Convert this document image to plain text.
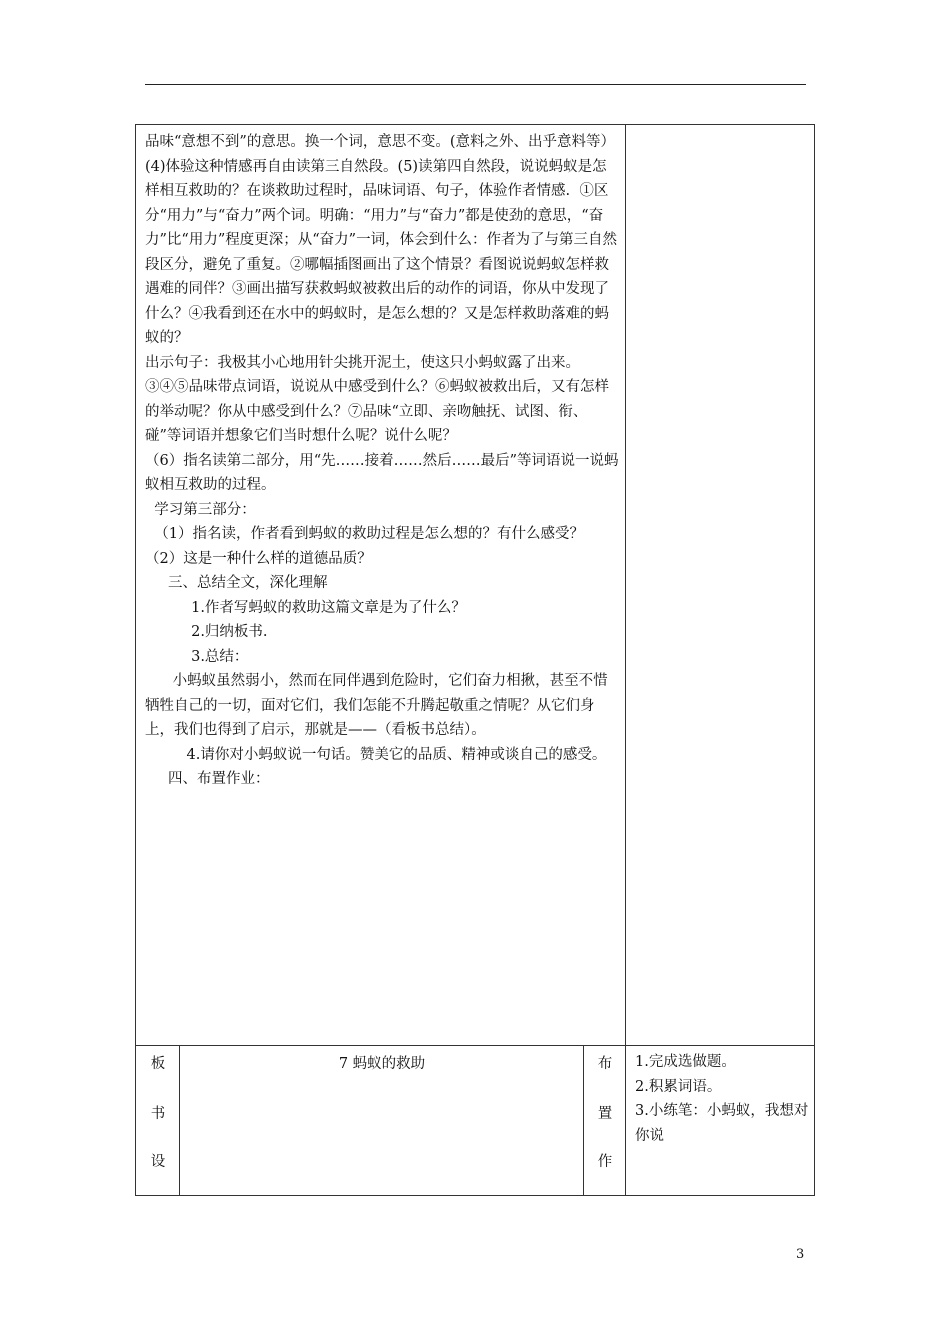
品味“意想不到”的意思。换一个词，意思不变。(意料之外、出乎意料等）(4)体验这种情感再自由读第三自然段。(5)读第四自然段，说说蚂蚁是怎样相互救助的？在谈救助过程时，品味词语、句子，体验作者情感.  ①区分“用力”与“奋力”两个词。明确：“用力”与“奋力”都是使劲的意思，“奋力”比“用力”程度更深；从“奋力”一词，体会到什么：作者为了与第三自然段区分，避免了重复。②哪幅插图画出了这个情景？看图说说蚂蚁怎样救遇难的同伴？③画出描写获救蚂蚁被救出后的动作的词语，你从中发现了什么？④我看到还在水中的蚂蚁时，是怎么想的？又是怎样救助落难的蚂蚁的？

出示句子：我极其小心地用针尖挑开泥土，使这只小蚂蚁露了出来。③④⑤品味带点词语，说说从中感受到什么？⑥蚂蚁被救出后，又有怎样的举动呢？你从中感受到什么？⑦品味“立即、亲吻触抚、试图、衔、碰”等词语并想象它们当时想什么呢？说什么呢？

（6）指名读第二部分，用“先……接着……然后……最后”等词语说一说蚂蚁相互救助的过程。

学习第三部分：

（1）指名读，作者看到蚂蚁的救助过程是怎么想的？有什么感受？

（2）这是一种什么样的道德品质？

三、总结全文，深化理解

1.作者写蚂蚁的救助这篇文章是为了什么？

2.归纳板书.

3.总结：

小蚂蚁虽然弱小，然而在同伴遇到危险时，它们奋力相揪，甚至不惜牺牲自己的一切，面对它们，我们怎能不升腾起敬重之情呢？从它们身上，我们也得到了启示，那就是——（看板书总结）。

4.请你对小蚂蚁说一句话。赞美它的品质、精神或谈自己的感受。

四、布置作业：

板
书
设
7 蚂蚁的救助	布
置
作

1.完成选做题。

2.积累词语。

3.小练笔：小蚂蚁，我想对你说

3
